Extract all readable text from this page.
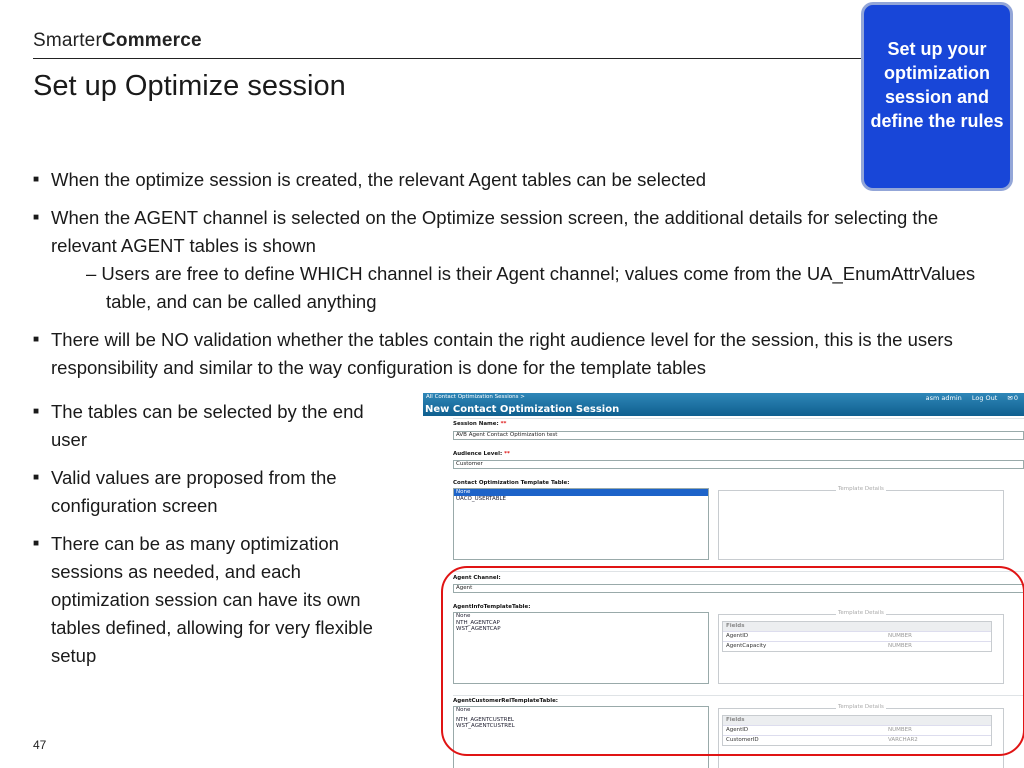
SmarterCommerce
Set up Optimize session
Set up your optimization session and define the rules
■ When the optimize session is created, the relevant Agent tables can be selected
■ When the AGENT channel is selected on the Optimize session screen, the additional details for selecting the relevant AGENT tables is shown
– Users are free to define WHICH channel is their Agent channel; values come from the UA_EnumAttrValues table, and can be called anything
■ There will be NO validation whether the tables contain the right audience level for the session, this is the users responsibility and similar to the way configuration is done for the template tables
■ The tables can be selected by the end user
■ Valid values are proposed from the configuration screen
■ There can be as many optimization sessions as needed, and each optimization session can have its own tables defined, allowing for very flexible setup
47
All Contact Optimization Sessions >	asm admin Log Out ✉0
New Contact Optimization Session
Session Name: **
AVB Agent Contact Optimization test
Audience Level: **
Customer
Contact Optimization Template Table:
None
UACO_USERTABLE
Template Details
Agent Channel:
Agent
AgentInfoTemplateTable:
None
NTH_AGENTCAP
WST_AGENTCAP
Template Details
Fields
AgentID	NUMBER
AgentCapacity	NUMBER
AgentCustomerRelTemplateTable:
None
NTH_AGENTCUSTREL
WST_AGENTCUSTREL
Template Details
Fields
AgentID	NUMBER
CustomerID	VARCHAR2
